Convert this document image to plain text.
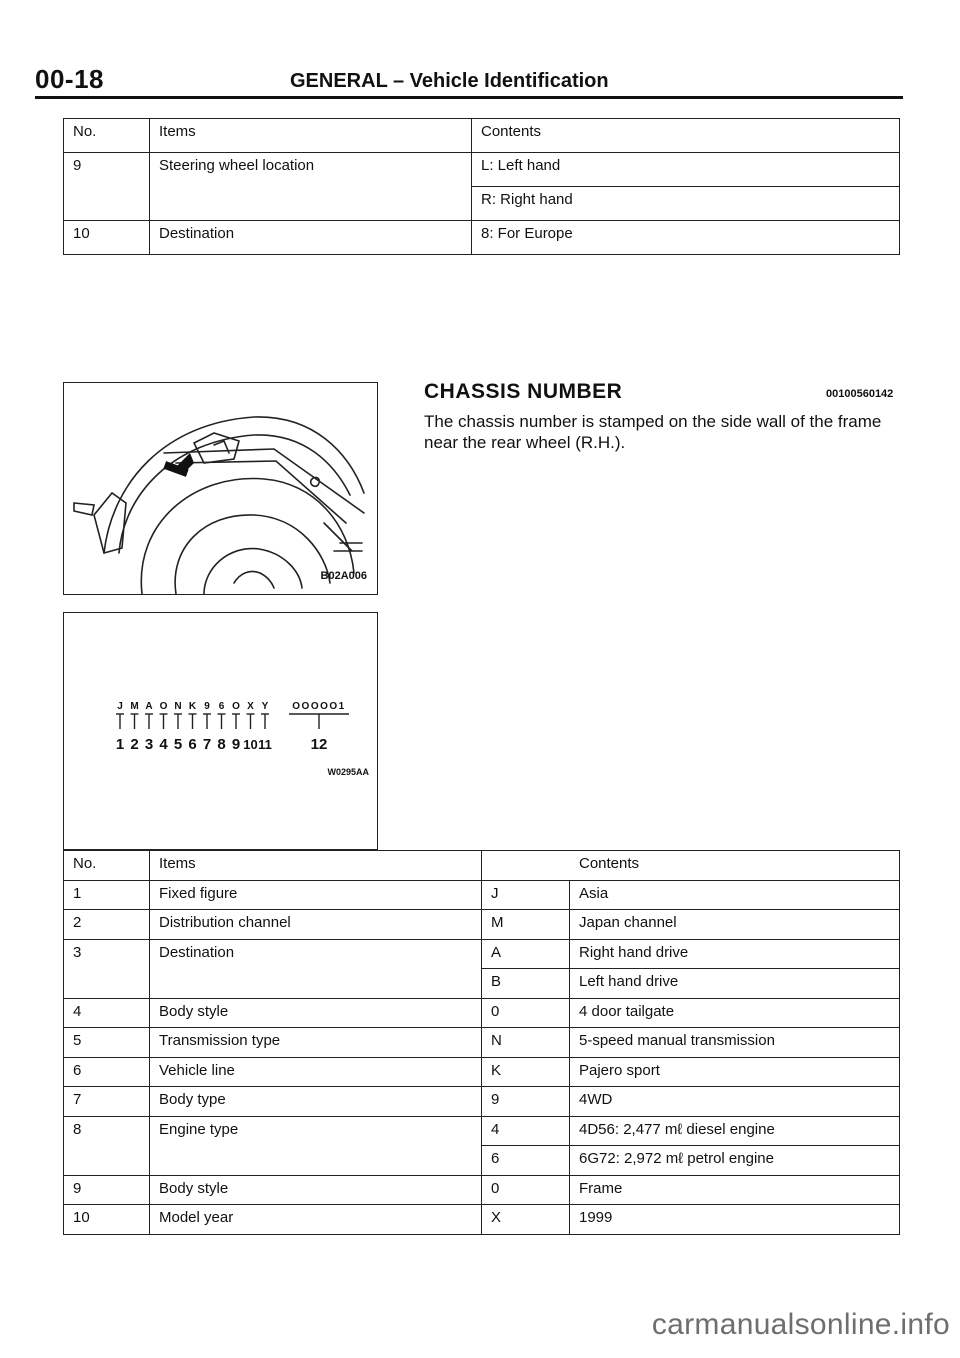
00-18	GENERAL – Vehicle Identification
No.	Items	Contents
9	Steering wheel location	L: Left hand
		R: Right hand
10	Destination	8: For Europe
B02A006
J M A O N K 9 6 O X Y OOOOO1
1 2 3 4 5 6 7 8 9 10 11	12
W0295AA
CHASSIS NUMBER	00100560142
The chassis number is stamped on the side wall of the frame near the rear wheel (R.H.).
No.	Items	Contents	
1	Fixed figure	J	Asia
2	Distribution channel	M	Japan channel
3	Destination	A	Right hand drive
		B	Left hand drive
4	Body style	0	4 door tailgate
5	Transmission type	N	5-speed manual transmission
6	Vehicle line	K	Pajero sport
7	Body type	9	4WD
8	Engine type	4	4D56: 2,477 mℓ diesel engine
		6	6G72: 2,972 mℓ petrol engine
9	Body style	0	Frame
10	Model year	X	1999
carmanualsonline.info
